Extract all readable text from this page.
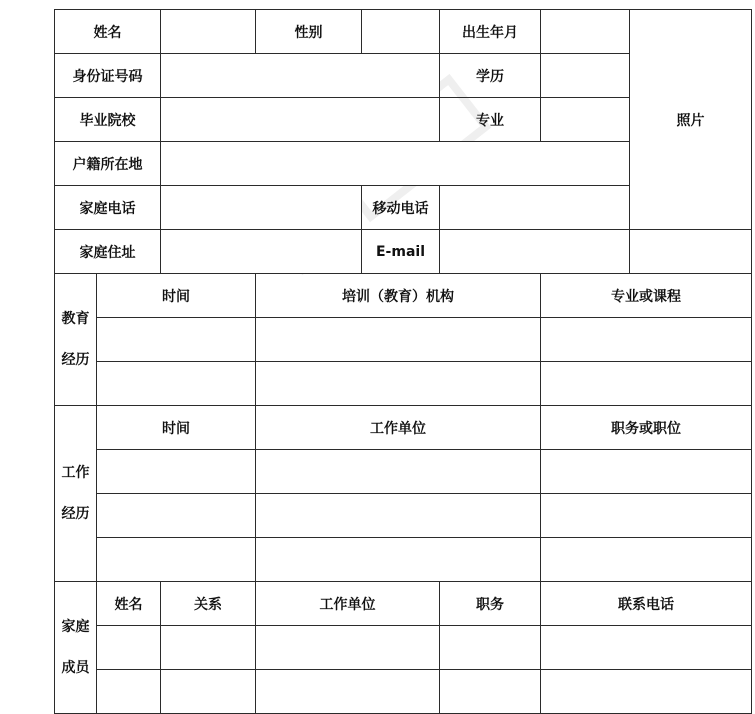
姓名			性别		出生年月		照片
身份证号码					学历		
毕业院校					专业		
户籍所在地							
家庭电话				移动电话			
家庭住址				E-mail			

教育
经历	时间		培训（教育）机构			专业或课程	

工作
经历	时间		工作单位			职务或职位	

家庭
成员	姓名	关系	工作单位		职务	联系电话	
